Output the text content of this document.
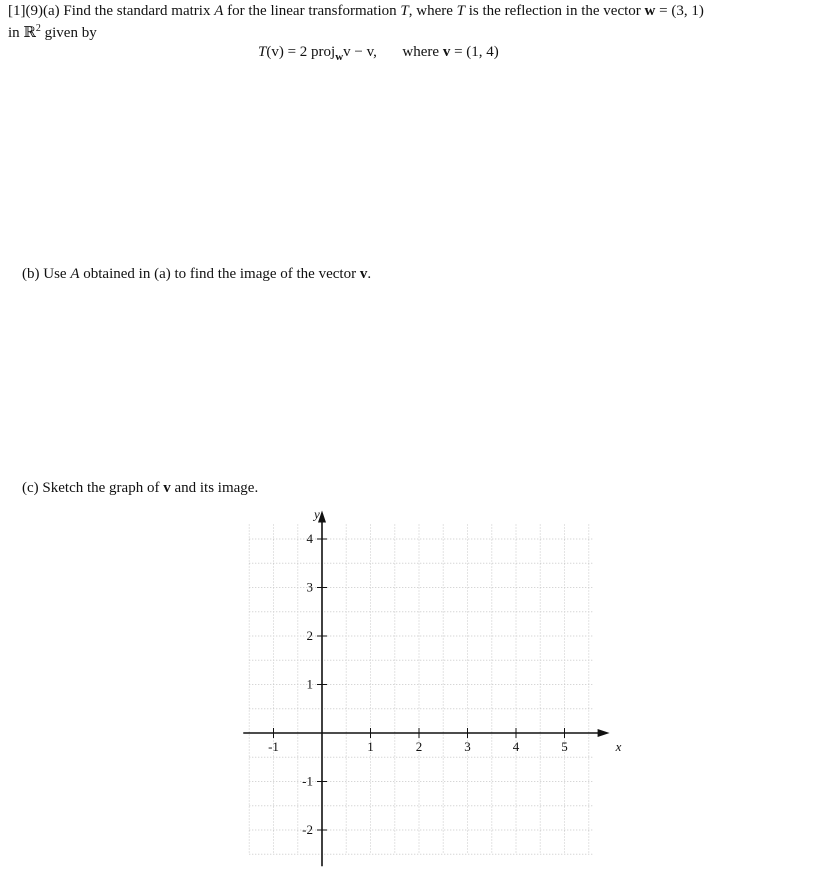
[1](9)(a) Find the standard matrix A for the linear transformation T, where T is the reflection in the vector w = (3, 1)
in ℝ$^2$ given by
T(v) = 2 proj$_w$v − v, where v = (1, 4)
(b) Use A obtained in (a) to find the image of the vector v.
(c) Sketch the graph of v and its image.
-1	1	2	3	4	5
-2
-1
1
2
3
4
x
y
